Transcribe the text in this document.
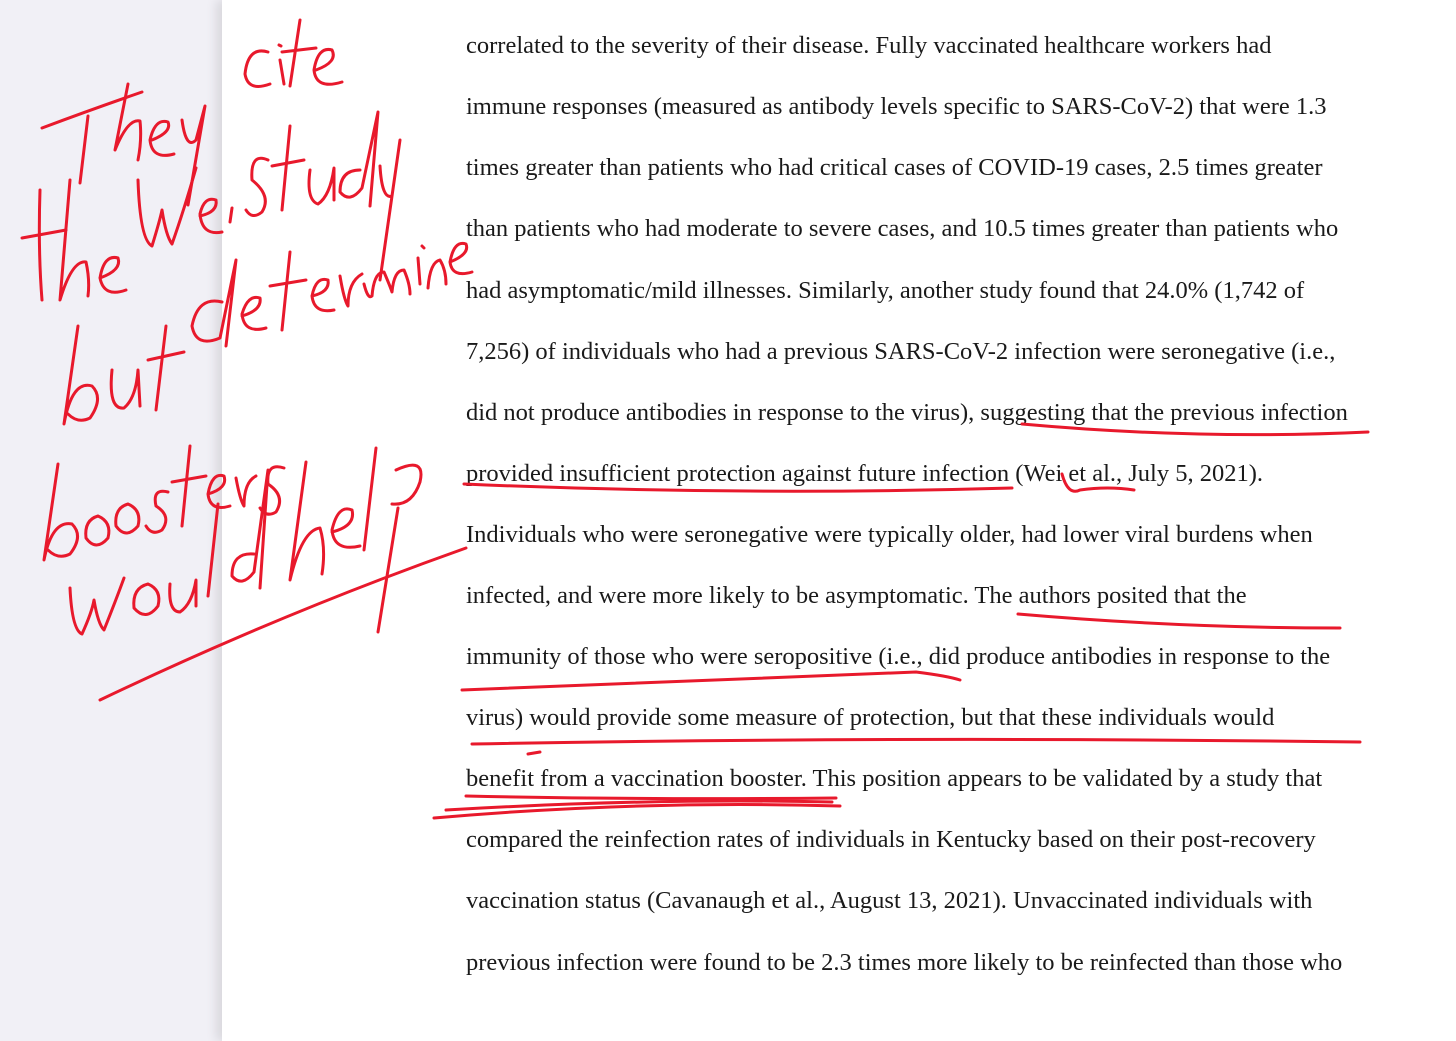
correlated to the severity of their disease. Fully vaccinated healthcare workers had
immune responses (measured as antibody levels specific to SARS-CoV-2) that were 1.3
times greater than patients who had critical cases of COVID-19 cases, 2.5 times greater
than patients who had moderate to severe cases, and 10.5 times greater than patients who
had asymptomatic/mild illnesses. Similarly, another study found that 24.0% (1,742 of
7,256) of individuals who had a previous SARS-CoV-2 infection were seronegative (i.e.,
did not produce antibodies in response to the virus), suggesting that the previous infection
provided insufficient protection against future infection (Wei et al., July 5, 2021).
Individuals who were seronegative were typically older, had lower viral burdens when
infected, and were more likely to be asymptomatic. The authors posited that the
immunity of those who were seropositive (i.e., did produce antibodies in response to the
virus) would provide some measure of protection, but that these individuals would
benefit from a vaccination booster. This position appears to be validated by a study that
compared the reinfection rates of individuals in Kentucky based on their post-recovery
vaccination status (Cavanaugh et al., August 13, 2021). Unvaccinated individuals with
previous infection were found to be 2.3 times more likely to be reinfected than those who
